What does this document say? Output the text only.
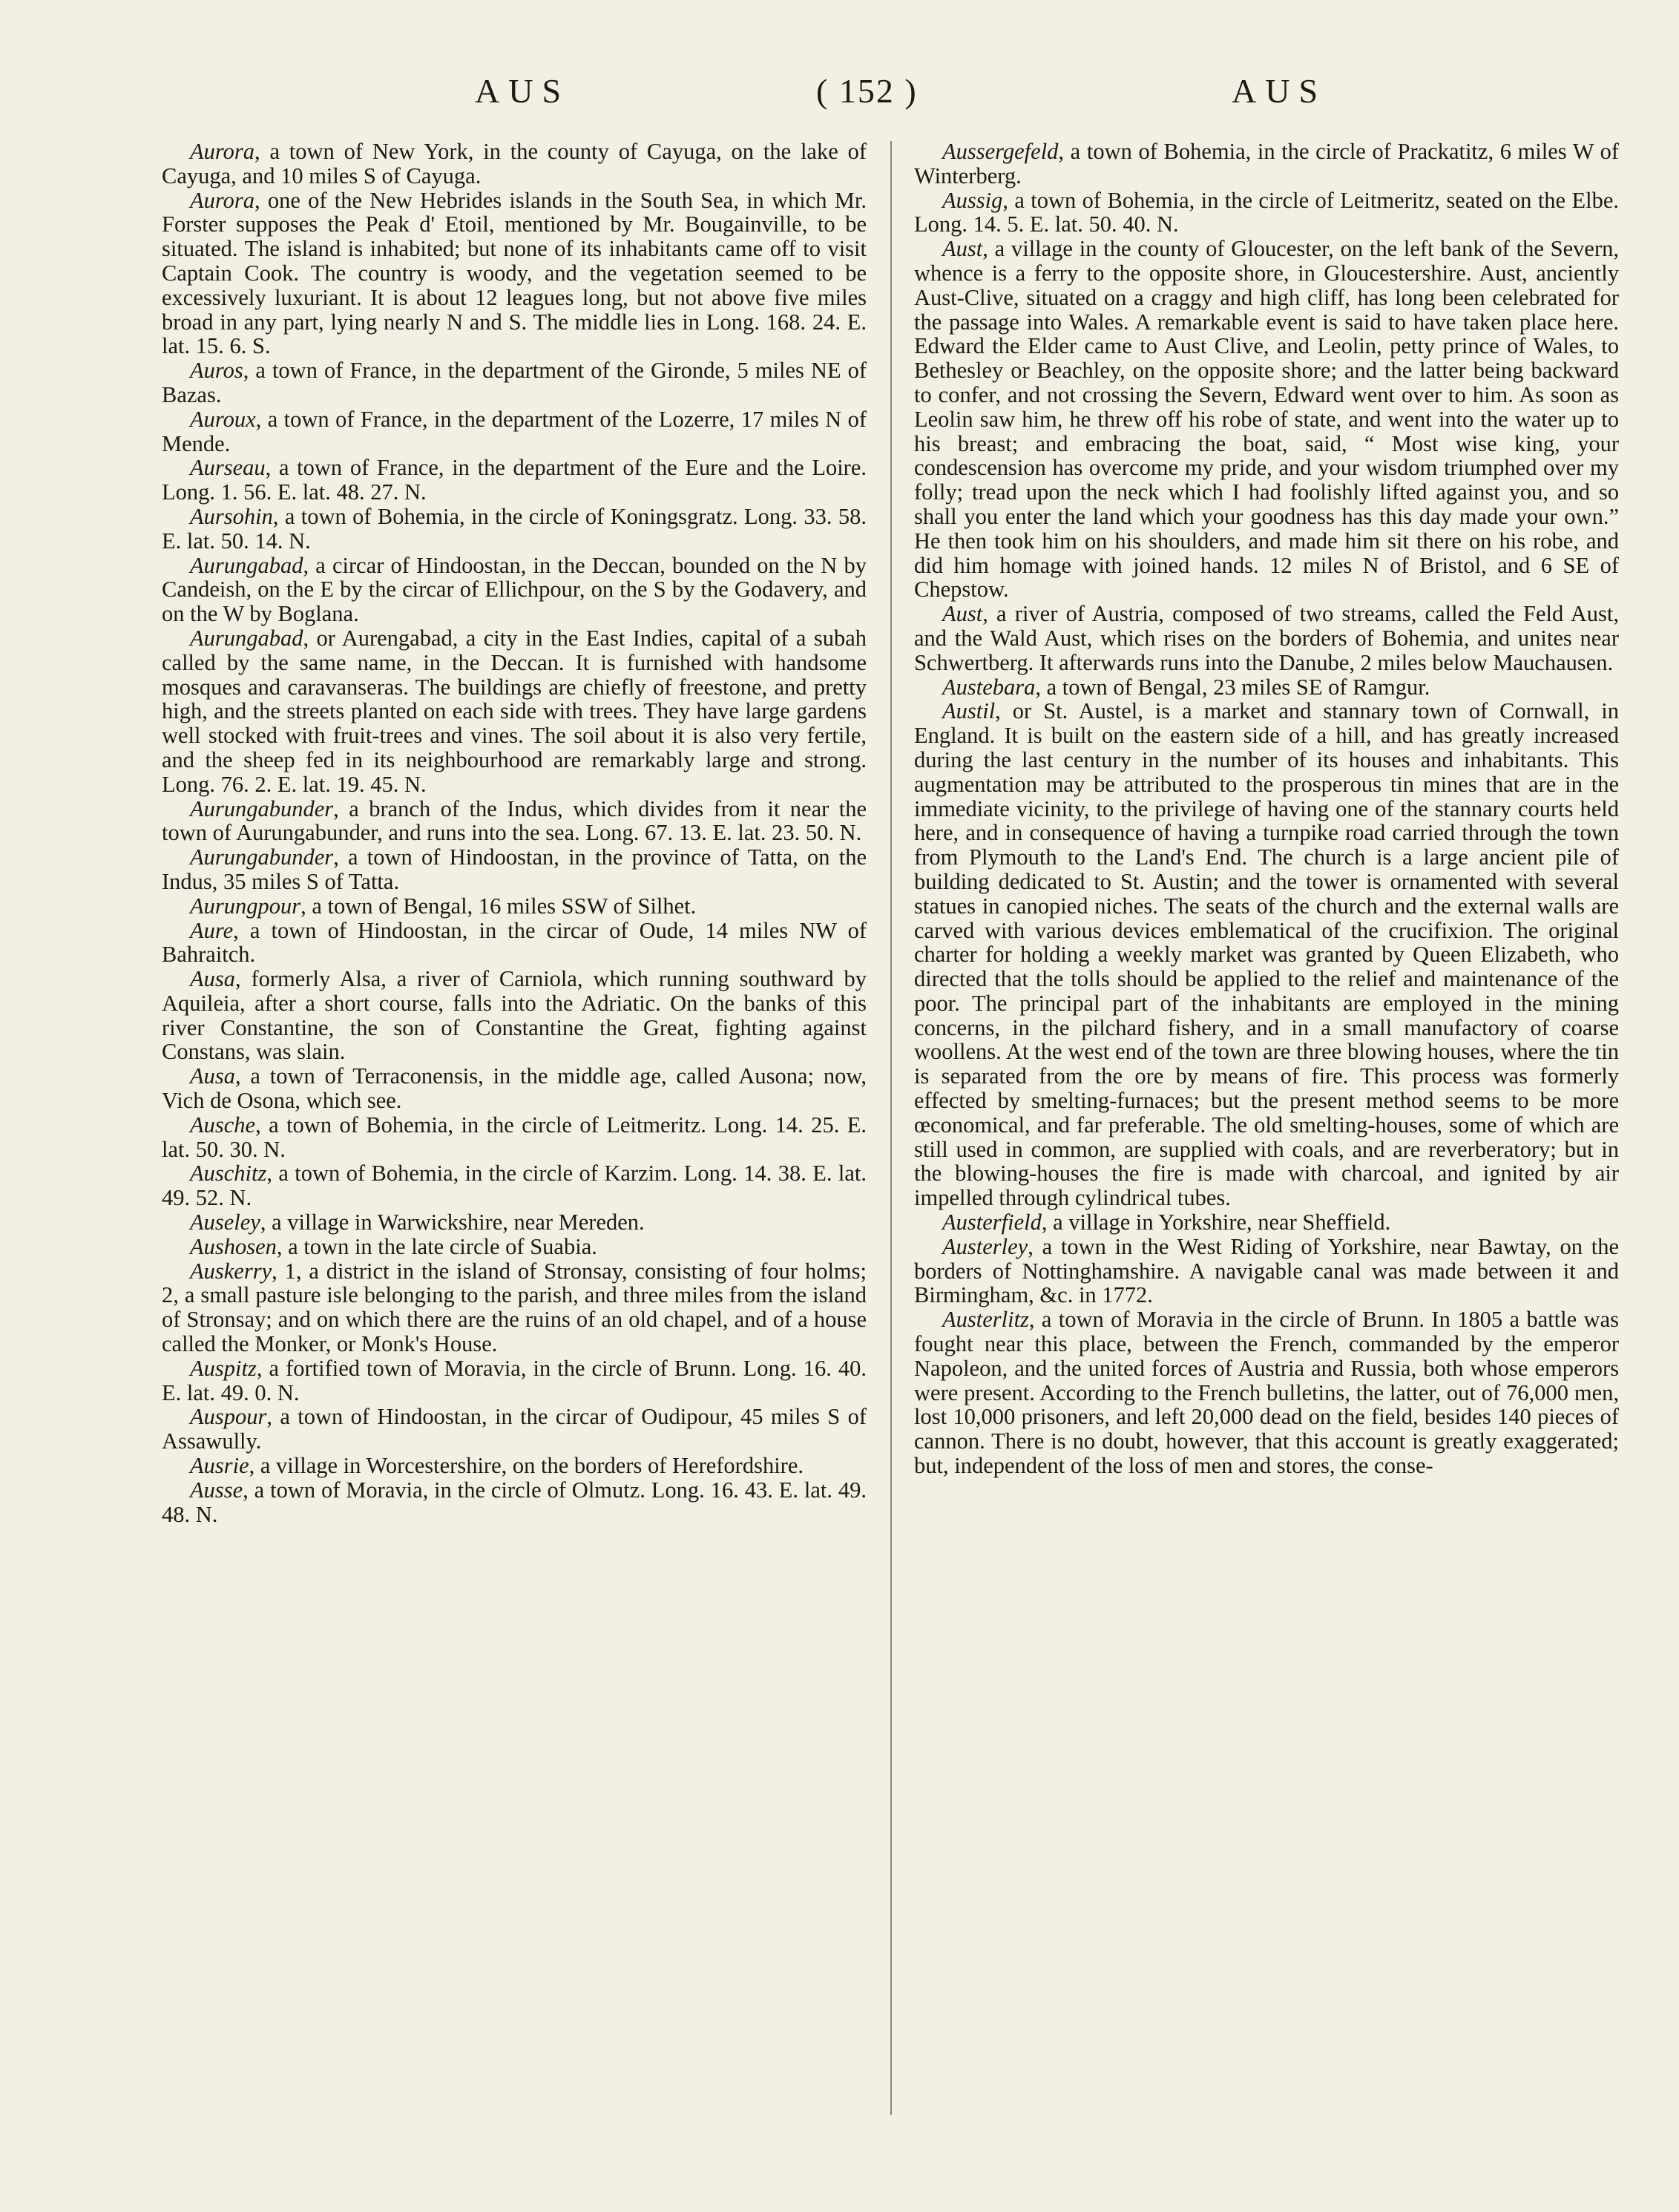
AUS	( 152 )	AUS

Aurora, a town of New York, in the county of Cayuga, on the lake of Cayuga, and 10 miles S of Cayuga.

Aurora, one of the New Hebrides islands in the South Sea, in which Mr. Forster supposes the Peak d' Etoil, mentioned by Mr. Bougainville, to be situated. The island is inhabited; but none of its inhabitants came off to visit Captain Cook. The country is woody, and the vegetation seemed to be excessively luxuriant. It is about 12 leagues long, but not above five miles broad in any part, lying nearly N and S. The middle lies in Long. 168. 24. E. lat. 15. 6. S.

Auros, a town of France, in the department of the Gironde, 5 miles NE of Bazas.

Auroux, a town of France, in the department of the Lozerre, 17 miles N of Mende.

Aurseau, a town of France, in the department of the Eure and the Loire. Long. 1. 56. E. lat. 48. 27. N.

Aursohin, a town of Bohemia, in the circle of Koningsgratz. Long. 33. 58. E. lat. 50. 14. N.

Aurungabad, a circar of Hindoostan, in the Deccan, bounded on the N by Candeish, on the E by the circar of Ellichpour, on the S by the Godavery, and on the W by Boglana.

Aurungabad, or Aurengabad, a city in the East Indies, capital of a subah called by the same name, in the Deccan. It is furnished with handsome mosques and caravanseras. The buildings are chiefly of freestone, and pretty high, and the streets planted on each side with trees. They have large gardens well stocked with fruit-trees and vines. The soil about it is also very fertile, and the sheep fed in its neighbourhood are remarkably large and strong. Long. 76. 2. E. lat. 19. 45. N.

Aurungabunder, a branch of the Indus, which divides from it near the town of Aurungabunder, and runs into the sea. Long. 67. 13. E. lat. 23. 50. N.

Aurungabunder, a town of Hindoostan, in the province of Tatta, on the Indus, 35 miles S of Tatta.

Aurungpour, a town of Bengal, 16 miles SSW of Silhet.

Aure, a town of Hindoostan, in the circar of Oude, 14 miles NW of Bahraitch.

Ausa, formerly Alsa, a river of Carniola, which running southward by Aquileia, after a short course, falls into the Adriatic. On the banks of this river Constantine, the son of Constantine the Great, fighting against Constans, was slain.

Ausa, a town of Terraconensis, in the middle age, called Ausona; now, Vich de Osona, which see.

Ausche, a town of Bohemia, in the circle of Leitmeritz. Long. 14. 25. E. lat. 50. 30. N.

Auschitz, a town of Bohemia, in the circle of Karzim. Long. 14. 38. E. lat. 49. 52. N.

Auseley, a village in Warwickshire, near Mereden.

Aushosen, a town in the late circle of Suabia.

Auskerry, 1, a district in the island of Stronsay, consisting of four holms; 2, a small pasture isle belonging to the parish, and three miles from the island of Stronsay; and on which there are the ruins of an old chapel, and of a house called the Monker, or Monk's House.

Auspitz, a fortified town of Moravia, in the circle of Brunn. Long. 16. 40. E. lat. 49. 0. N.

Auspour, a town of Hindoostan, in the circar of Oudipour, 45 miles S of Assawully.

Ausrie, a village in Worcestershire, on the borders of Herefordshire.

Ausse, a town of Moravia, in the circle of Olmutz. Long. 16. 43. E. lat. 49. 48. N.

Aussergefeld, a town of Bohemia, in the circle of Prackatitz, 6 miles W of Winterberg.

Aussig, a town of Bohemia, in the circle of Leitmeritz, seated on the Elbe. Long. 14. 5. E. lat. 50. 40. N.

Aust, a village in the county of Gloucester, on the left bank of the Severn, whence is a ferry to the opposite shore, in Gloucestershire. Aust, anciently Aust-Clive, situated on a craggy and high cliff, has long been celebrated for the passage into Wales. A remarkable event is said to have taken place here. Edward the Elder came to Aust Clive, and Leolin, petty prince of Wales, to Bethesley or Beachley, on the opposite shore; and the latter being backward to confer, and not crossing the Severn, Edward went over to him. As soon as Leolin saw him, he threw off his robe of state, and went into the water up to his breast; and embracing the boat, said, “ Most wise king, your condescension has overcome my pride, and your wisdom triumphed over my folly; tread upon the neck which I had foolishly lifted against you, and so shall you enter the land which your goodness has this day made your own.” He then took him on his shoulders, and made him sit there on his robe, and did him homage with joined hands. 12 miles N of Bristol, and 6 SE of Chepstow.

Aust, a river of Austria, composed of two streams, called the Feld Aust, and the Wald Aust, which rises on the borders of Bohemia, and unites near Schwertberg. It afterwards runs into the Danube, 2 miles below Mauchausen.

Austebara, a town of Bengal, 23 miles SE of Ramgur.

Austil, or St. Austel, is a market and stannary town of Cornwall, in England. It is built on the eastern side of a hill, and has greatly increased during the last century in the number of its houses and inhabitants. This augmentation may be attributed to the prosperous tin mines that are in the immediate vicinity, to the privilege of having one of the stannary courts held here, and in consequence of having a turnpike road carried through the town from Plymouth to the Land's End. The church is a large ancient pile of building dedicated to St. Austin; and the tower is ornamented with several statues in canopied niches. The seats of the church and the external walls are carved with various devices emblematical of the crucifixion. The original charter for holding a weekly market was granted by Queen Elizabeth, who directed that the tolls should be applied to the relief and maintenance of the poor. The principal part of the inhabitants are employed in the mining concerns, in the pilchard fishery, and in a small manufactory of coarse woollens. At the west end of the town are three blowing houses, where the tin is separated from the ore by means of fire. This process was formerly effected by smelting-furnaces; but the present method seems to be more œconomical, and far preferable. The old smelting-houses, some of which are still used in common, are supplied with coals, and are reverberatory; but in the blowing-houses the fire is made with charcoal, and ignited by air impelled through cylindrical tubes.

Austerfield, a village in Yorkshire, near Sheffield.

Austerley, a town in the West Riding of Yorkshire, near Bawtay, on the borders of Nottinghamshire. A navigable canal was made between it and Birmingham, &c. in 1772.

Austerlitz, a town of Moravia in the circle of Brunn. In 1805 a battle was fought near this place, between the French, commanded by the emperor Napoleon, and the united forces of Austria and Russia, both whose emperors were present. According to the French bulletins, the latter, out of 76,000 men, lost 10,000 prisoners, and left 20,000 dead on the field, besides 140 pieces of cannon. There is no doubt, however, that this account is greatly exaggerated; but, independent of the loss of men and stores, the conse-
